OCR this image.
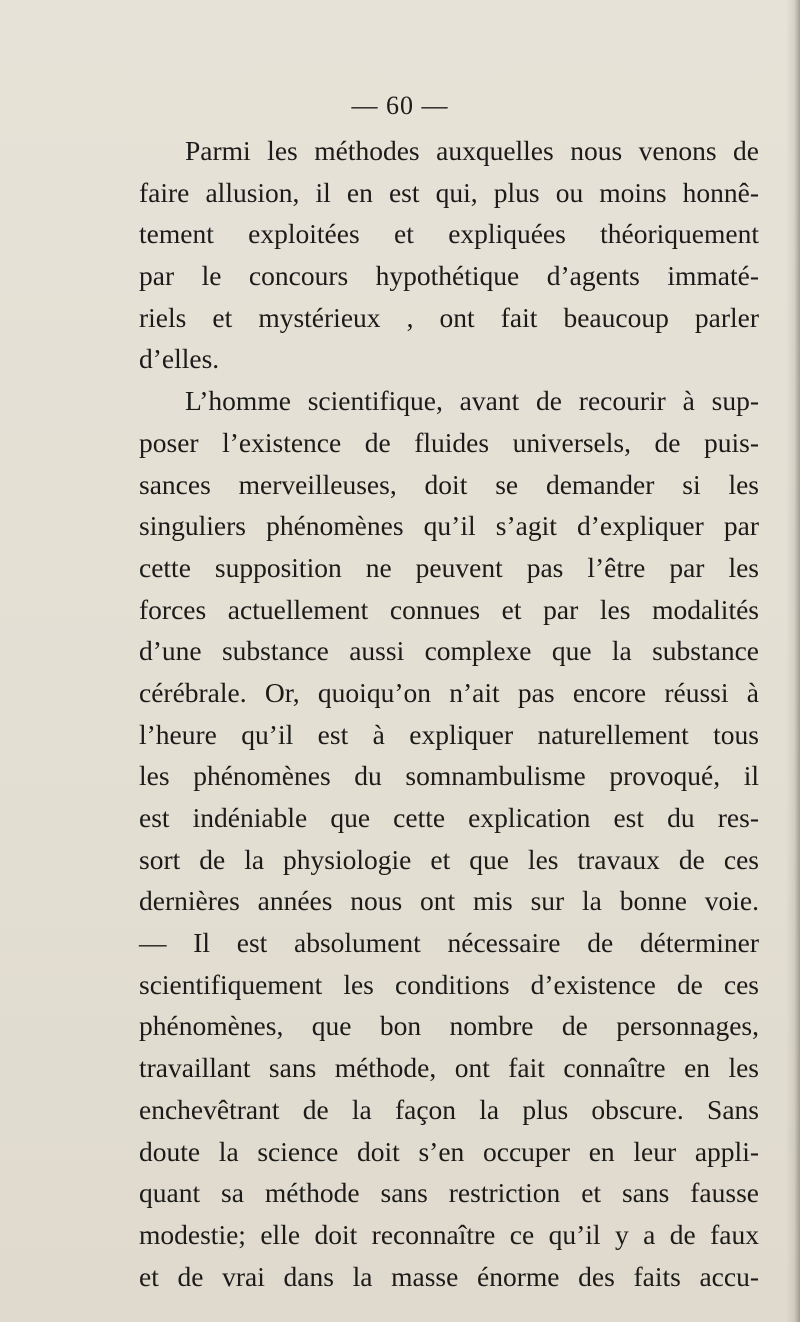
— 60 —
Parmi les méthodes auxquelles nous venons de
faire allusion, il en est qui, plus ou moins honnê-
tement exploitées et expliquées théoriquement
par le concours hypothétique d’agents immaté-
riels et mystérieux , ont fait beaucoup parler
d’elles.
L’homme scientifique, avant de recourir à sup-
poser l’existence de fluides universels, de puis-
sances merveilleuses, doit se demander si les
singuliers phénomènes qu’il s’agit d’expliquer par
cette supposition ne peuvent pas l’être par les
forces actuellement connues et par les modalités
d’une substance aussi complexe que la substance
cérébrale. Or, quoiqu’on n’ait pas encore réussi à
l’heure qu’il est à expliquer naturellement tous
les phénomènes du somnambulisme provoqué, il
est indéniable que cette explication est du res-
sort de la physiologie et que les travaux de ces
dernières années nous ont mis sur la bonne voie.
— Il est absolument nécessaire de déterminer
scientifiquement les conditions d’existence de ces
phénomènes, que bon nombre de personnages,
travaillant sans méthode, ont fait connaître en les
enchevêtrant de la façon la plus obscure. Sans
doute la science doit s’en occuper en leur appli-
quant sa méthode sans restriction et sans fausse
modestie; elle doit reconnaître ce qu’il y a de faux
et de vrai dans la masse énorme des faits accu-
